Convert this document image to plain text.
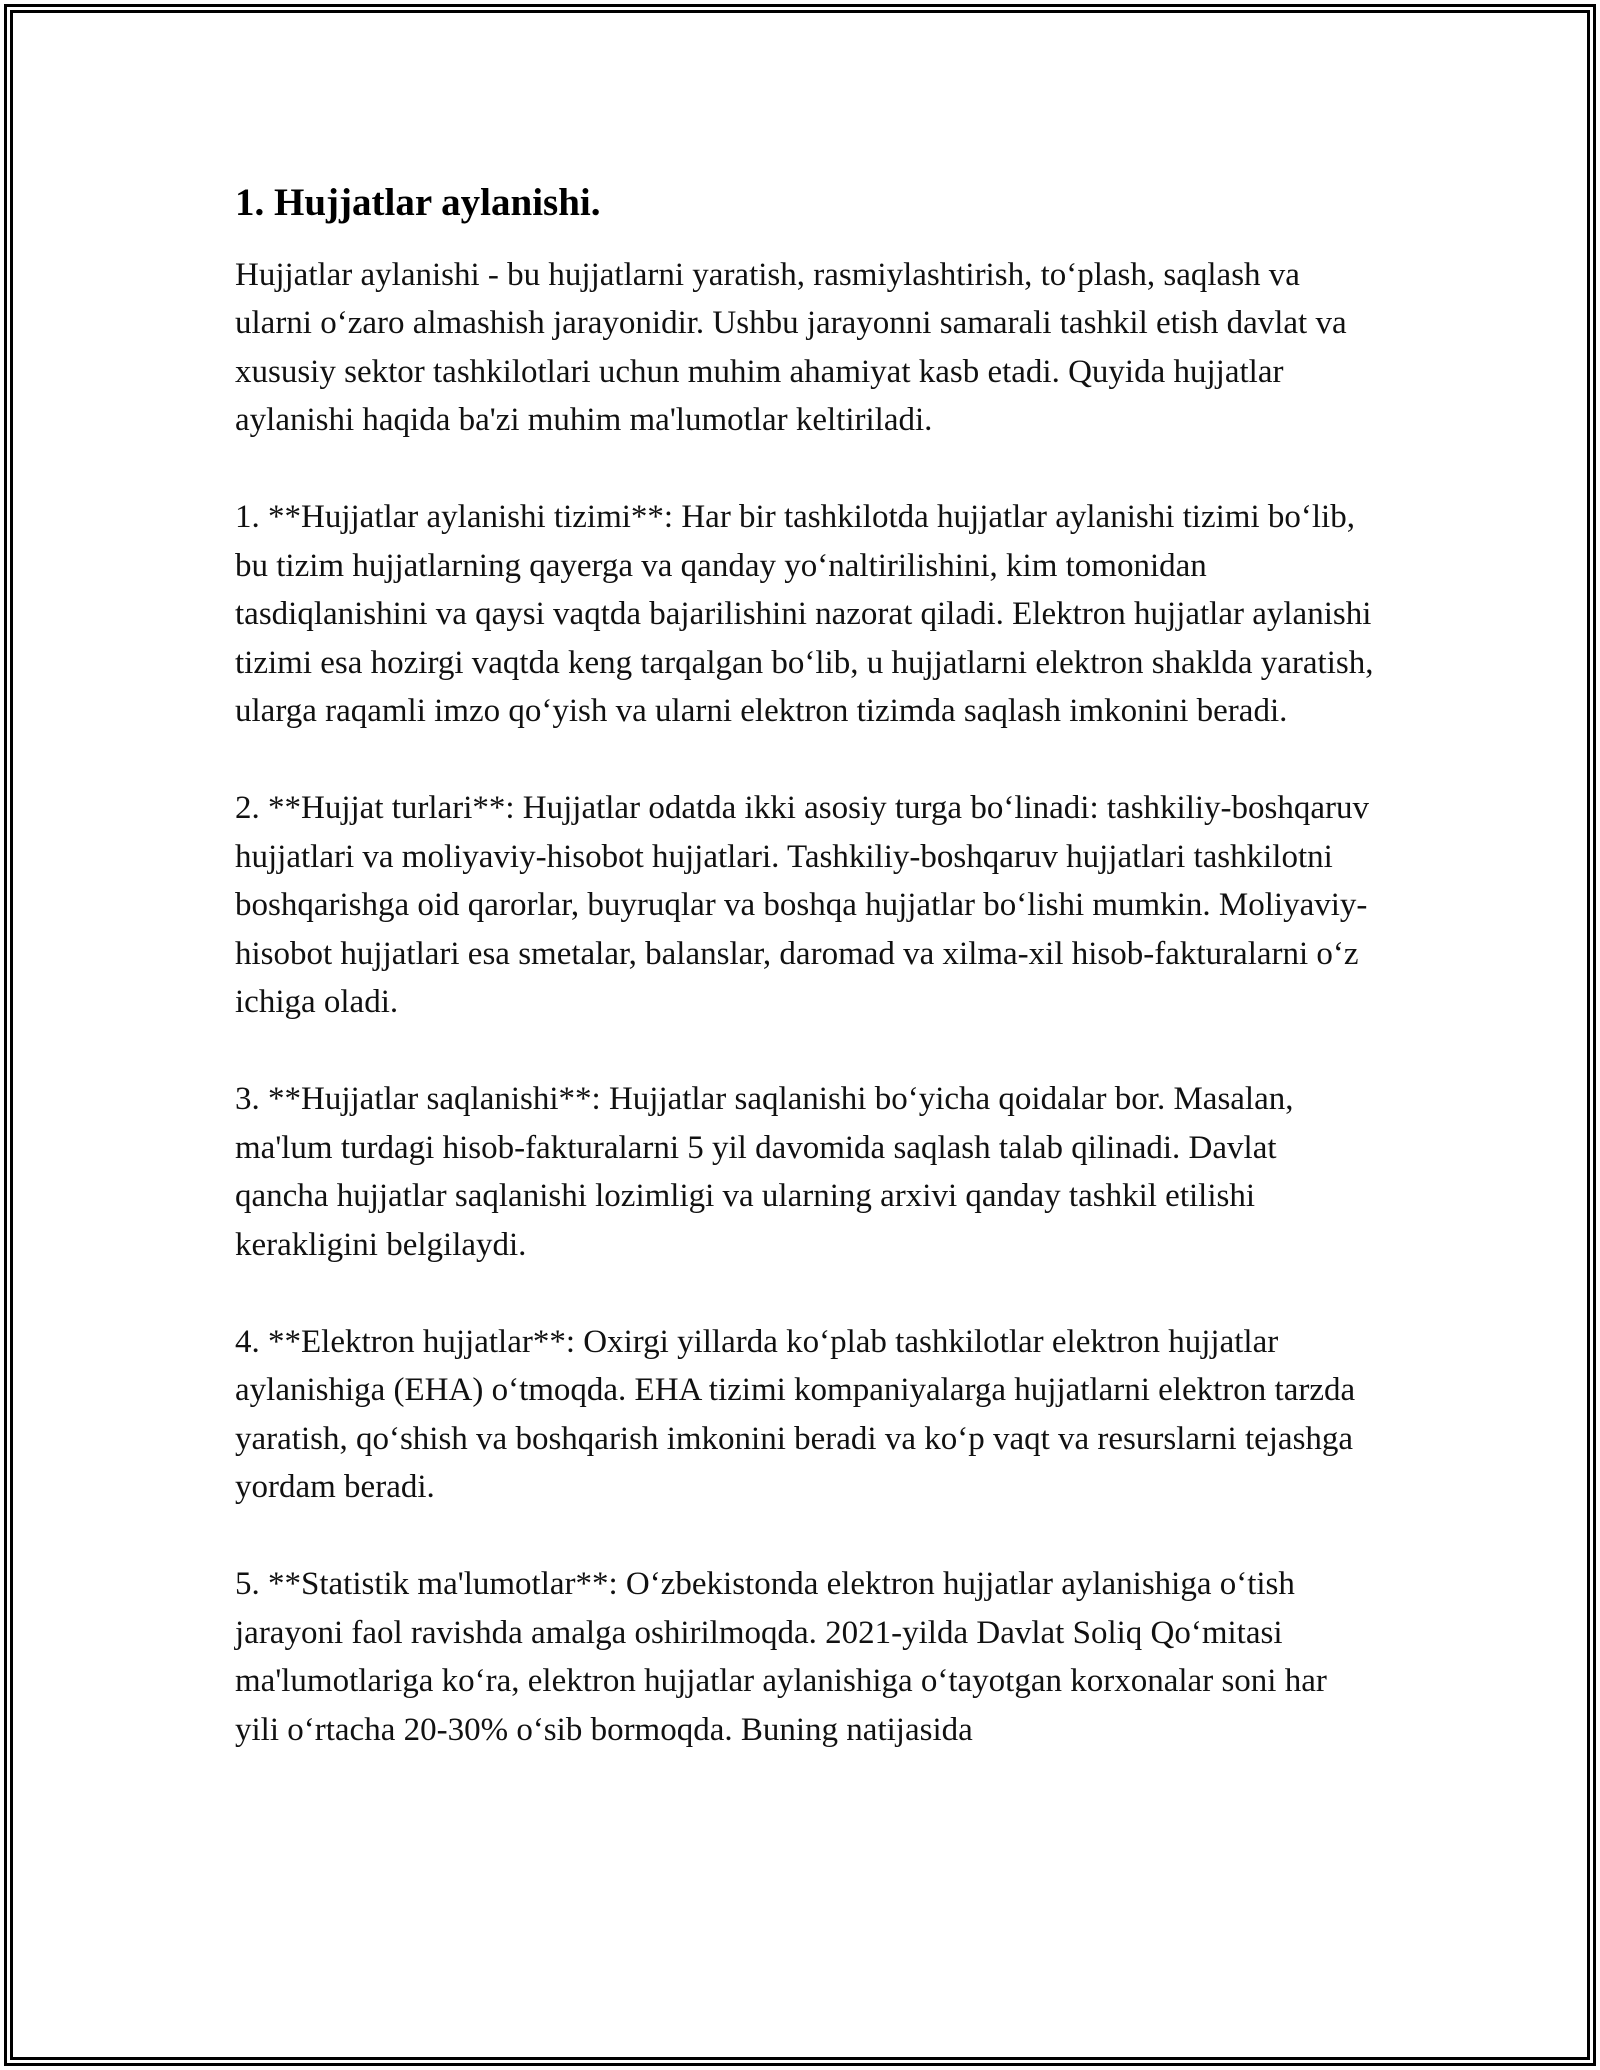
1. Hujjatlar aylanishi.

Hujjatlar aylanishi - bu hujjatlarni yaratish, rasmiylashtirish, to‘plash, saqlash va ularni o‘zaro almashish jarayonidir. Ushbu jarayonni samarali tashkil etish davlat va xususiy sektor tashkilotlari uchun muhim ahamiyat kasb etadi. Quyida hujjatlar aylanishi haqida ba'zi muhim ma'lumotlar keltiriladi.

1. **Hujjatlar aylanishi tizimi**: Har bir tashkilotda hujjatlar aylanishi tizimi bo‘lib, bu tizim hujjatlarning qayerga va qanday yo‘naltirilishini, kim tomonidan tasdiqlanishini va qaysi vaqtda bajarilishini nazorat qiladi. Elektron hujjatlar aylanishi tizimi esa hozirgi vaqtda keng tarqalgan bo‘lib, u hujjatlarni elektron shaklda yaratish, ularga raqamli imzo qo‘yish va ularni elektron tizimda saqlash imkonini beradi.

2. **Hujjat turlari**: Hujjatlar odatda ikki asosiy turga bo‘linadi: tashkiliy-boshqaruv hujjatlari va moliyaviy-hisobot hujjatlari. Tashkiliy-boshqaruv hujjatlari tashkilotni boshqarishga oid qarorlar, buyruqlar va boshqa hujjatlar bo‘lishi mumkin. Moliyaviy-hisobot hujjatlari esa smetalar, balanslar, daromad va xilma-xil hisob-fakturalarni o‘z ichiga oladi.

3. **Hujjatlar saqlanishi**: Hujjatlar saqlanishi bo‘yicha qoidalar bor. Masalan, ma'lum turdagi hisob-fakturalarni 5 yil davomida saqlash talab qilinadi. Davlat qancha hujjatlar saqlanishi lozimligi va ularning arxivi qanday tashkil etilishi kerakligini belgilaydi.

4. **Elektron hujjatlar**: Oxirgi yillarda ko‘plab tashkilotlar elektron hujjatlar aylanishiga (EHA) o‘tmoqda. EHA tizimi kompaniyalarga hujjatlarni elektron tarzda yaratish, qo‘shish va boshqarish imkonini beradi va ko‘p vaqt va resurslarni tejashga yordam beradi.

5. **Statistik ma'lumotlar**: O‘zbekistonda elektron hujjatlar aylanishiga o‘tish jarayoni faol ravishda amalga oshirilmoqda. 2021-yilda Davlat Soliq Qo‘mitasi ma'lumotlariga ko‘ra, elektron hujjatlar aylanishiga o‘tayotgan korxonalar soni har yili o‘rtacha 20-30% o‘sib bormoqda. Buning natijasida
